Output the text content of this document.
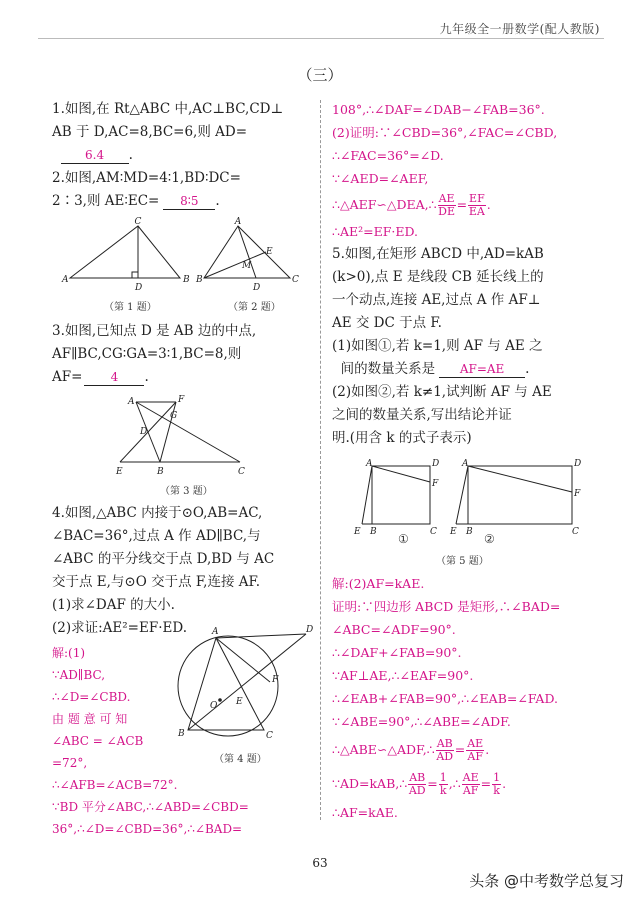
九年级全一册数学(配人教版)
（三）

1.如图,在 Rt△ABC 中,AC⊥BC,CD⊥

AB 于 D,AC=8,BC=6,则 AD=

6.4 .

2.如图,AM∶MD=4∶1,BD∶DC=

2∶3,则 AE∶EC= 8∶5 .

C
A	B
D
A
B
D
C
E
M
（第 1 题）	（第 2 题）

3.如图,已知点 D 是 AB 边的中点,

AF∥BC,CG∶GA=3∶1,BC=8,则

AF= 4 .

A	F
G
D
E	B	C
（第 3 题）

4.如图,△ABC 内接于⊙O,AB=AC,

∠BAC=36°,过点 A 作 AD∥BC,与

∠ABC 的平分线交于点 D,BD 与 AC

交于点 E,与⊙O 交于点 F,连接 AF.

(1)求∠DAF 的大小.

(2)求证:AE²=EF·ED.

解:(1)

∵AD∥BC,

∴∠D=∠CBD.

由 题 意 可 知

∠ABC = ∠ACB

=72°,

∴∠AFB=∠ACB=72°.

∵BD 平分∠ABC,∴∠ABD=∠CBD=

36°,∴∠D=∠CBD=36°,∴∠BAD=

A	D
F
E
O
B	C
（第 4 题）

108°,∴∠DAF=∠DAB−∠FAB=36°.

(2)证明:∵∠CBD=36°,∠FAC=∠CBD,

∴∠FAC=36°=∠D.

∵∠AED=∠AEF,

∴△AEF∽△DEA,∴ $\frac{AE}{DE} = \frac{EF}{EA}$ .

∴AE²=EF·ED.

5.如图,在矩形 ABCD 中,AD=kAB

(k>0),点 E 是线段 CB 延长线上的

一个动点,连接 AE,过点 A 作 AF⊥

AE 交 DC 于点 F.

(1)如图①,若 k=1,则 AF 与 AE 之

间的数量关系是 AF=AE .

(2)如图②,若 k≠1,试判断 AF 与 AE

之间的数量关系,写出结论并证

明.(用含 k 的式子表示)

A	D
F
E B	C
A	D
F
E B	C
①	②
（第 5 题）

解:(2)AF=kAE.

证明:∵四边形 ABCD 是矩形,∴∠BAD=

∠ABC=∠ADF=90°.

∴∠DAF+∠FAB=90°.

∵AF⊥AE,∴∠EAF=90°.

∴∠EAB+∠FAB=90°,∴∠EAB=∠FAD.

∵∠ABE=90°,∴∠ABE=∠ADF.

∴△ABE∽△ADF,∴ $\frac{AB}{AD} = \frac{AE}{AF}$ .

∵AD=kAB,∴ $\frac{AB}{AD} = \frac{1}{k}$ ,∴ $\frac{AE}{AF} = \frac{1}{k}$ .

∴AF=kAE.

63
头条 @中考数学总复习
